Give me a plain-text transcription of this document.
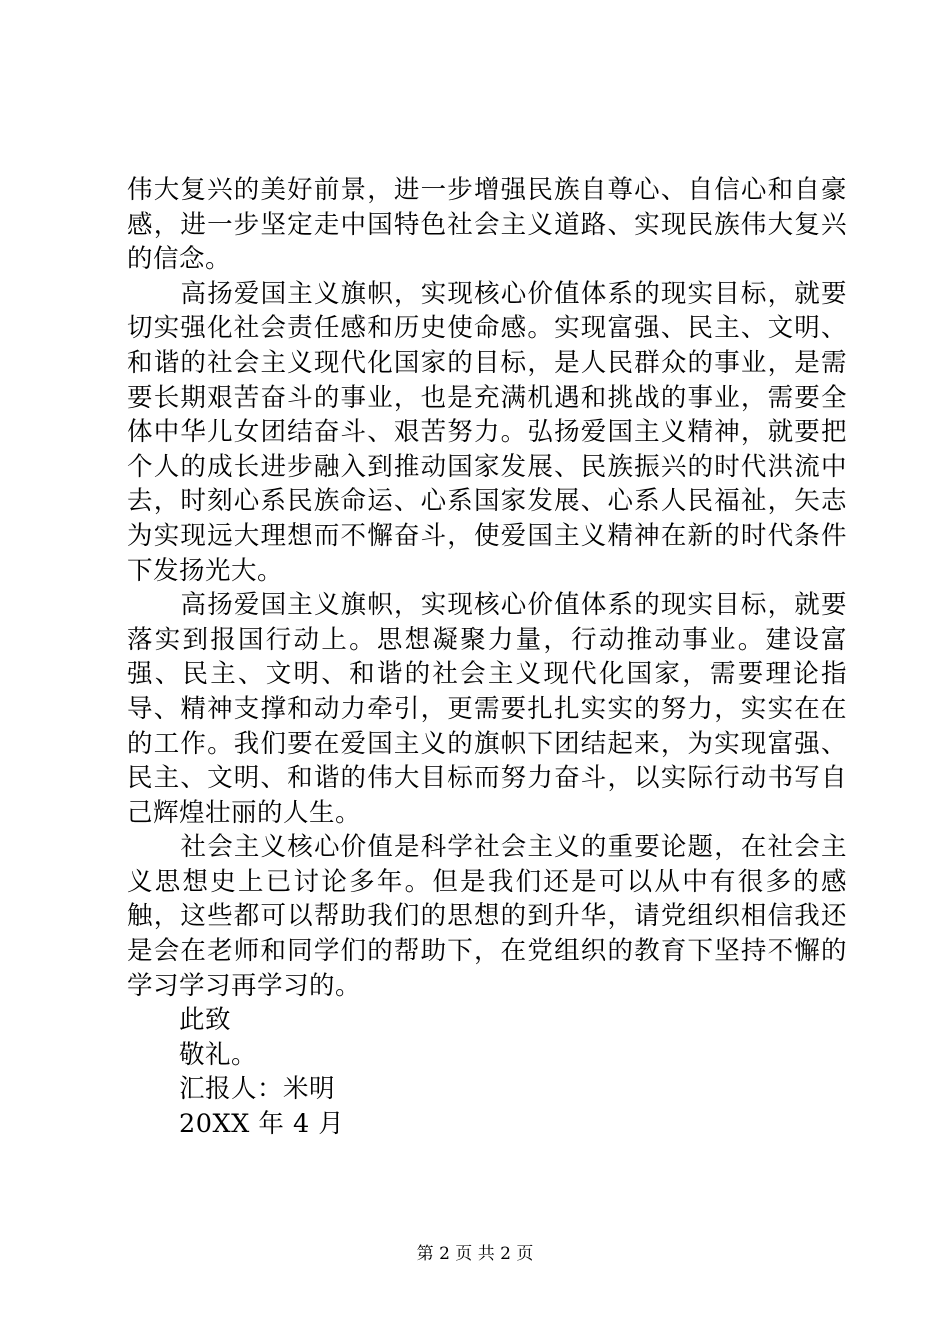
伟大复兴的美好前景，进一步增强民族自尊心、自信心和自豪感，进一步坚定走中国特色社会主义道路、实现民族伟大复兴的信念。

高扬爱国主义旗帜，实现核心价值体系的现实目标，就要切实强化社会责任感和历史使命感。实现富强、民主、文明、和谐的社会主义现代化国家的目标，是人民群众的事业，是需要长期艰苦奋斗的事业，也是充满机遇和挑战的事业，需要全体中华儿女团结奋斗、艰苦努力。弘扬爱国主义精神，就要把个人的成长进步融入到推动国家发展、民族振兴的时代洪流中去，时刻心系民族命运、心系国家发展、心系人民福祉，矢志为实现远大理想而不懈奋斗，使爱国主义精神在新的时代条件下发扬光大。

高扬爱国主义旗帜，实现核心价值体系的现实目标，就要落实到报国行动上。思想凝聚力量，行动推动事业。建设富强、民主、文明、和谐的社会主义现代化国家，需要理论指导、精神支撑和动力牵引，更需要扎扎实实的努力，实实在在的工作。我们要在爱国主义的旗帜下团结起来，为实现富强、民主、文明、和谐的伟大目标而努力奋斗，以实际行动书写自己辉煌壮丽的人生。

社会主义核心价值是科学社会主义的重要论题，在社会主义思想史上已讨论多年。但是我们还是可以从中有很多的感触，这些都可以帮助我们的思想的到升华，请党组织相信我还是会在老师和同学们的帮助下，在党组织的教育下坚持不懈的学习学习再学习的。

此致

敬礼。

汇报人：米明

20XX 年 4 月

第 2 页 共 2 页
